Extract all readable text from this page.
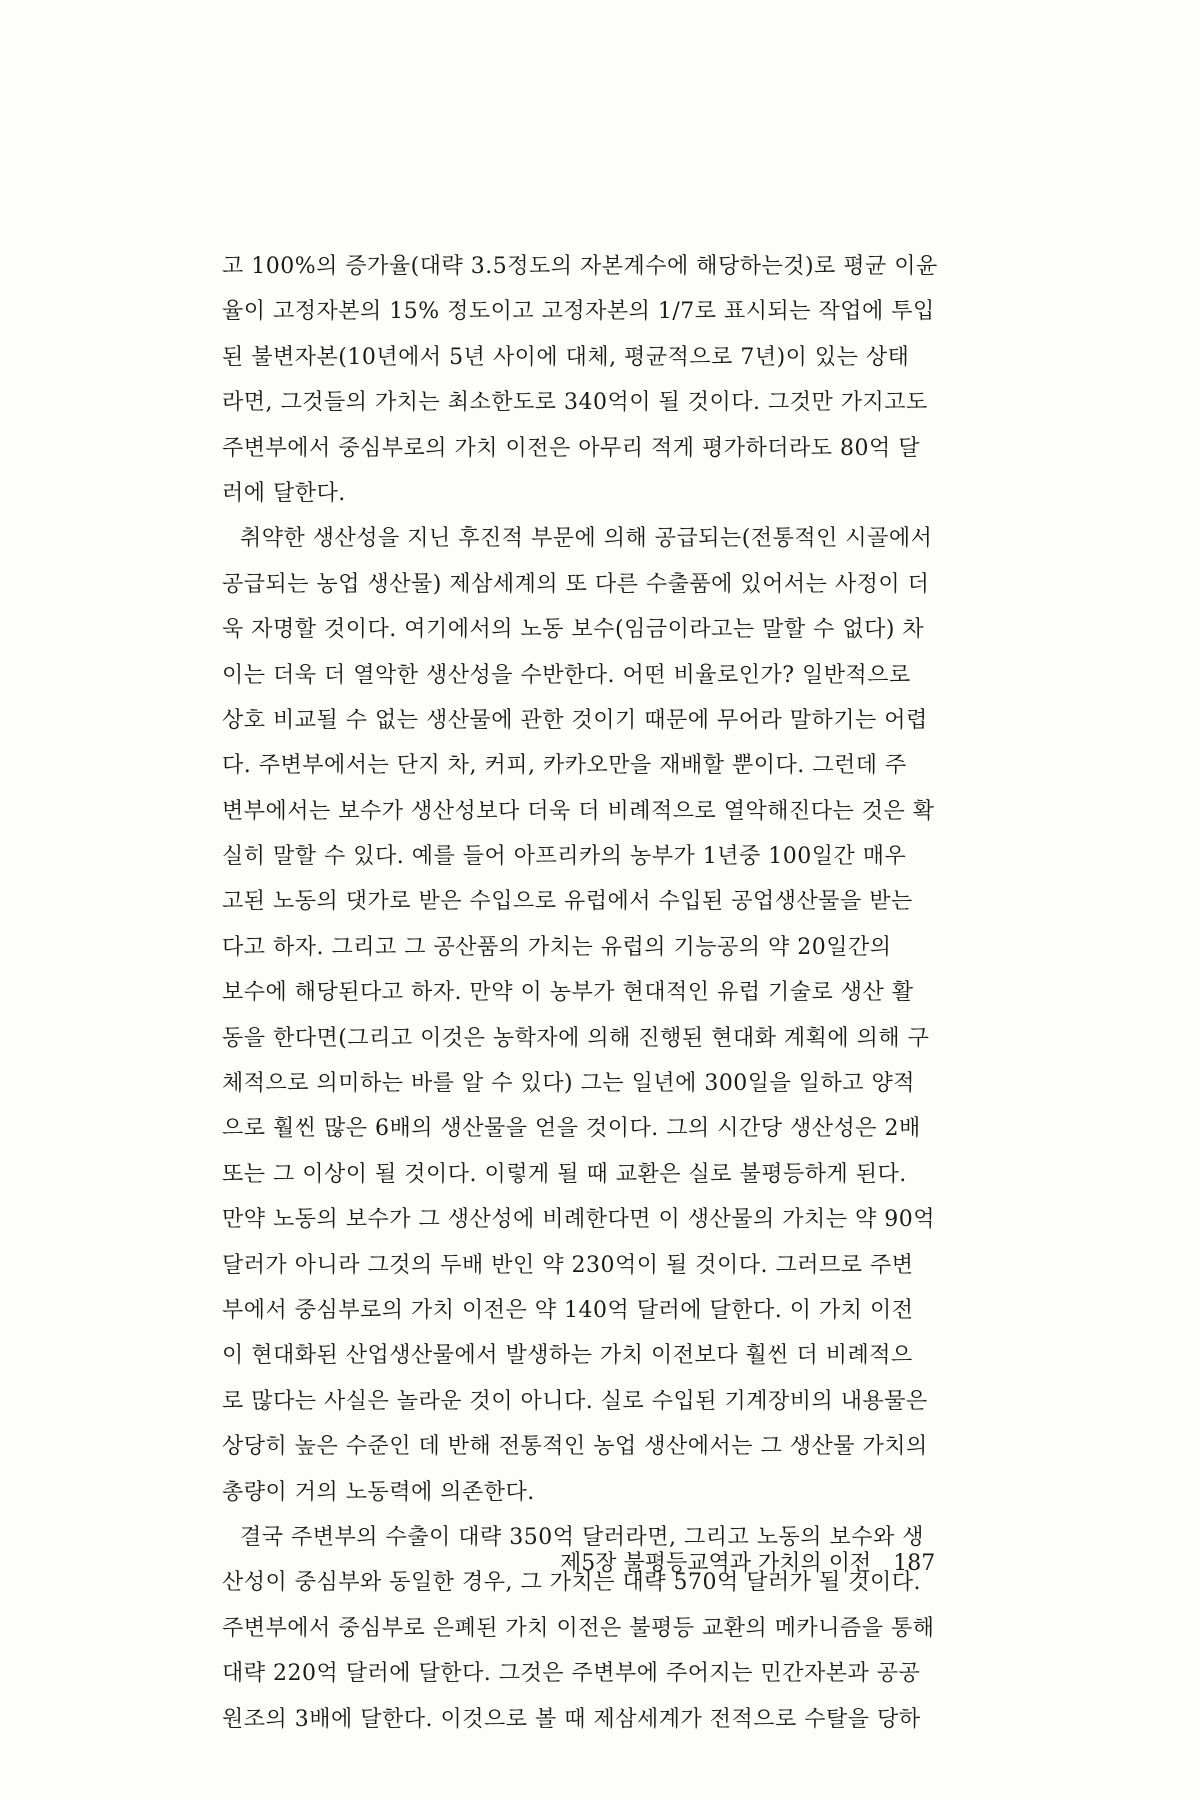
고 100%의 증가율(대략 3.5정도의 자본계수에 해당하는것)로 평균 이윤
율이 고정자본의 15% 정도이고 고정자본의 1/7로 표시되는 작업에 투입
된 불변자본(10년에서 5년 사이에 대체, 평균적으로 7년)이 있는 상태
라면, 그것들의 가치는 최소한도로 340억이 될 것이다. 그것만 가지고도
주변부에서 중심부로의 가치 이전은 아무리 적게 평가하더라도 80억 달
러에 달한다.
취약한 생산성을 지닌 후진적 부문에 의해 공급되는(전통적인 시골에서
공급되는 농업 생산물) 제삼세계의 또 다른 수출품에 있어서는 사정이 더
욱 자명할 것이다. 여기에서의 노동 보수(임금이라고는 말할 수 없다) 차
이는 더욱 더 열악한 생산성을 수반한다. 어떤 비율로인가? 일반적으로
상호 비교될 수 없는 생산물에 관한 것이기 때문에 무어라 말하기는 어렵
다. 주변부에서는 단지 차, 커피, 카카오만을 재배할 뿐이다. 그런데 주
변부에서는 보수가 생산성보다 더욱 더 비례적으로 열악해진다는 것은 확
실히 말할 수 있다. 예를 들어 아프리카의 농부가 1년중 100일간 매우
고된 노동의 댓가로 받은 수입으로 유럽에서 수입된 공업생산물을 받는
다고 하자. 그리고 그 공산품의 가치는 유럽의 기능공의 약 20일간의
보수에 해당된다고 하자. 만약 이 농부가 현대적인 유럽 기술로 생산 활
동을 한다면(그리고 이것은 농학자에 의해 진행된 현대화 계획에 의해 구
체적으로 의미하는 바를 알 수 있다) 그는 일년에 300일을 일하고 양적
으로 훨씬 많은 6배의 생산물을 얻을 것이다. 그의 시간당 생산성은 2배
또는 그 이상이 될 것이다. 이렇게 될 때 교환은 실로 불평등하게 된다.
만약 노동의 보수가 그 생산성에 비례한다면 이 생산물의 가치는 약 90억
달러가 아니라 그것의 두배 반인 약 230억이 될 것이다. 그러므로 주변
부에서 중심부로의 가치 이전은 약 140억 달러에 달한다. 이 가치 이전
이 현대화된 산업생산물에서 발생하는 가치 이전보다 훨씬 더 비례적으
로 많다는 사실은 놀라운 것이 아니다. 실로 수입된 기계장비의 내용물은
상당히 높은 수준인 데 반해 전통적인 농업 생산에서는 그 생산물 가치의
총량이 거의 노동력에 의존한다.
결국 주변부의 수출이 대략 350억 달러라면, 그리고 노동의 보수와 생
산성이 중심부와 동일한 경우, 그 가치는 대략 570억 달러가 될 것이다.
주변부에서 중심부로 은폐된 가치 이전은 불평등 교환의 메카니즘을 통해
대략 220억 달러에 달한다. 그것은 주변부에 주어지는 민간자본과 공공
원조의 3배에 달한다. 이것으로 볼 때 제삼세계가 전적으로 수탈을 당하
제5장 불평등교역과 가치의 이전 187
